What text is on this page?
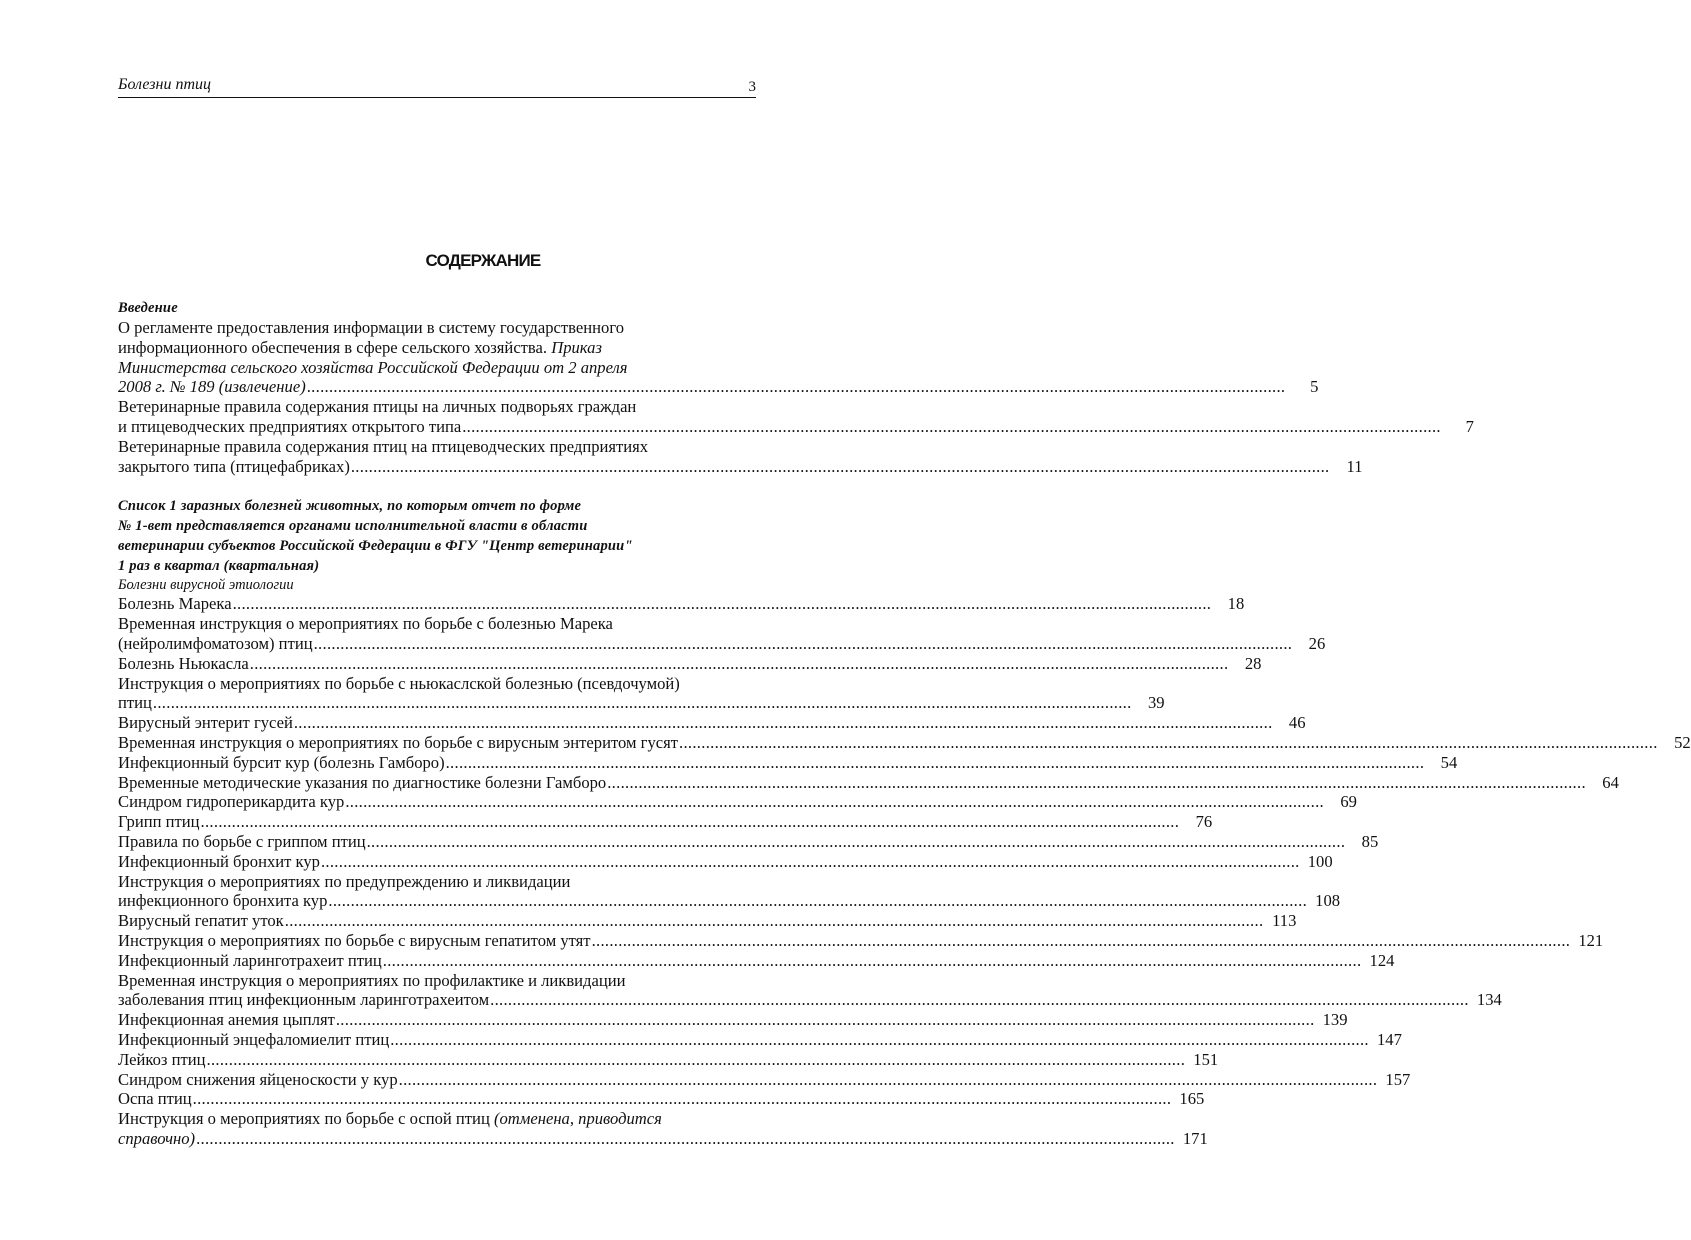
Болезни птиц	3
СОДЕРЖАНИЕ
Введение
О регламенте предоставления информации в систему государственного
информационного обеспечения в сфере сельского хозяйства. Приказ
Министерства сельского хозяйства Российской Федерации от 2 апреля
2008 г. № 189 (извлечение) ............................................................................................................................................................................................................................	5
Ветеринарные правила содержания птицы на личных подворьях граждан
и птицеводческих предприятиях открытого типа ............................................................................................................................................................................................................................	7
Ветеринарные правила содержания птиц на птицеводческих предприятиях
закрытого типа (птицефабриках) ............................................................................................................................................................................................................................	11
Список 1 заразных болезней животных, по которым отчет по форме
№ 1-вет представляется органами исполнительной власти в области
ветеринарии субъектов Российской Федерации в ФГУ "Центр ветеринарии"
1 раз в квартал (квартальная)
Болезни вирусной этиологии
Болезнь Марека ............................................................................................................................................................................................................................ 18
Временная инструкция о мероприятиях по борьбе с болезнью Марека
(нейролимфоматозом) птиц ............................................................................................................................................................................................................................ 26
Болезнь Ньюкасла ............................................................................................................................................................................................................................ 28
Инструкция о мероприятиях по борьбе с ньюкаслской болезнью (псевдочумой)
птиц ............................................................................................................................................................................................................................ 39
Вирусный энтерит гусей ............................................................................................................................................................................................................................ 46
Временная инструкция о мероприятиях по борьбе с вирусным энтеритом гусят ............................................................................................................................................................................................................................ 52
Инфекционный бурсит кур (болезнь Гамборо) ............................................................................................................................................................................................................................ 54
Временные методические указания по диагностике болезни Гамборо ............................................................................................................................................................................................................................ 64
Синдром гидроперикардита кур ............................................................................................................................................................................................................................ 69
Грипп птиц ............................................................................................................................................................................................................................ 76
Правила по борьбе с гриппом птиц ............................................................................................................................................................................................................................ 85
Инфекционный бронхит кур ............................................................................................................................................................................................................................ 100
Инструкция о мероприятиях по предупреждению и ликвидации
инфекционного бронхита кур ............................................................................................................................................................................................................................ 108
Вирусный гепатит уток ............................................................................................................................................................................................................................ 113
Инструкция о мероприятиях по борьбе с вирусным гепатитом утят ............................................................................................................................................................................................................................ 121
Инфекционный ларинготрахеит птиц ............................................................................................................................................................................................................................ 124
Временная инструкция о мероприятиях по профилактике и ликвидации
заболевания птиц инфекционным ларинготрахеитом ............................................................................................................................................................................................................................ 134
Инфекционная анемия цыплят ............................................................................................................................................................................................................................ 139
Инфекционный энцефаломиелит птиц ............................................................................................................................................................................................................................ 147
Лейкоз птиц ............................................................................................................................................................................................................................ 151
Синдром снижения яйценоскости у кур ............................................................................................................................................................................................................................ 157
Оспа птиц ............................................................................................................................................................................................................................ 165
Инструкция о мероприятиях по борьбе с оспой птиц (отменена, приводится
справочно) ............................................................................................................................................................................................................................ 171
